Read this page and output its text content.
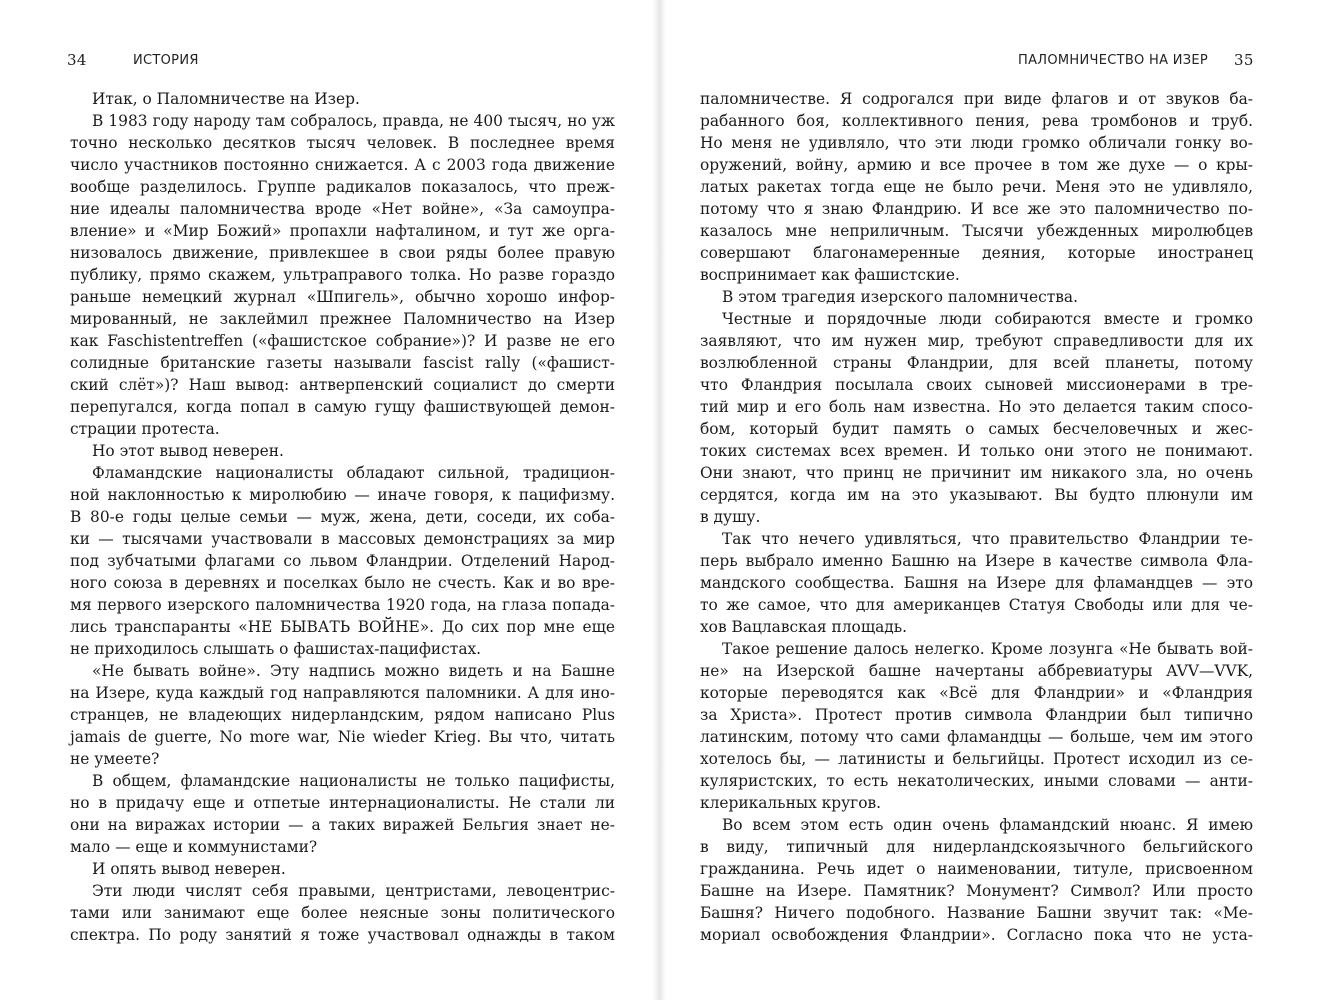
34	ИСТОРИЯ
Итак, о Паломничестве на Изер.
В 1983 году народу там собралось, правда, не 400 тысяч, но уж
точно несколько десятков тысяч человек. В последнее время
число участников постоянно снижается. А с 2003 года движение
вообще разделилось. Группе радикалов показалось, что преж-
ние идеалы паломничества вроде «Нет войне», «За самоупра-
вление» и «Мир Божий» пропахли нафталином, и тут же орга-
низовалось движение, привлекшее в свои ряды более правую
публику, прямо скажем, ультраправого толка. Но разве гораздо
раньше немецкий журнал «Шпигель», обычно хорошо инфор-
мированный, не заклеймил прежнее Паломничество на Изер
как Faschistentreffen («фашистское собрание»)? И разве не его
солидные британские газеты называли fascist rally («фашист-
ский слёт»)? Наш вывод: антверпенский социалист до смерти
перепугался, когда попал в самую гущу фашиствующей демон-
страции протеста.
Но этот вывод неверен.
Фламандские националисты обладают сильной, традицион-
ной наклонностью к миролюбию — иначе говоря, к пацифизму.
В 80-е годы целые семьи — муж, жена, дети, соседи, их соба-
ки — тысячами участвовали в массовых демонстрациях за мир
под зубчатыми флагами со львом Фландрии. Отделений Народ-
ного союза в деревнях и поселках было не счесть. Как и во вре-
мя первого изерского паломничества 1920 года, на глаза попада-
лись транспаранты «НЕ БЫВАТЬ ВОЙНЕ». До сих пор мне еще
не приходилось слышать о фашистах-пацифистах.
«Не бывать войне». Эту надпись можно видеть и на Башне
на Изере, куда каждый год направляются паломники. А для ино-
странцев, не владеющих нидерландским, рядом написано Plus
jamais de guerre, No more war, Nie wieder Krieg. Вы что, читать
не умеете?
В общем, фламандские националисты не только пацифисты,
но в придачу еще и отпетые интернационалисты. Не стали ли
они на виражах истории — а таких виражей Бельгия знает не-
мало — еще и коммунистами?
И опять вывод неверен.
Эти люди числят себя правыми, центристами, левоцентрис-
тами или занимают еще более неясные зоны политического
спектра. По роду занятий я тоже участвовал однажды в таком
ПАЛОМНИЧЕСТВО НА ИЗЕР 35
паломничестве. Я содрогался при виде флагов и от звуков ба-
рабанного боя, коллективного пения, рева тромбонов и труб.
Но меня не удивляло, что эти люди громко обличали гонку во-
оружений, войну, армию и все прочее в том же духе — о кры-
латых ракетах тогда еще не было речи. Меня это не удивляло,
потому что я знаю Фландрию. И все же это паломничество по-
казалось мне неприличным. Тысячи убежденных миролюбцев
совершают благонамеренные деяния, которые иностранец
воспринимает как фашистские.
В этом трагедия изерского паломничества.
Честные и порядочные люди собираются вместе и громко
заявляют, что им нужен мир, требуют справедливости для их
возлюбленной страны Фландрии, для всей планеты, потому
что Фландрия посылала своих сыновей миссионерами в тре-
тий мир и его боль нам известна. Но это делается таким спосо-
бом, который будит память о самых бесчеловечных и жес-
токих системах всех времен. И только они этого не понимают.
Они знают, что принц не причинит им никакого зла, но очень
сердятся, когда им на это указывают. Вы будто плюнули им
в душу.
Так что нечего удивляться, что правительство Фландрии те-
перь выбрало именно Башню на Изере в качестве символа Фла-
мандского сообщества. Башня на Изере для фламандцев — это
то же самое, что для американцев Статуя Свободы или для че-
хов Вацлавская площадь.
Такое решение далось нелегко. Кроме лозунга «Не бывать вой-
не» на Изерской башне начертаны аббревиатуры AVV—VVK,
которые переводятся как «Всё для Фландрии» и «Фландрия
за Христа». Протест против символа Фландрии был типично
латинским, потому что сами фламандцы — больше, чем им этого
хотелось бы, — латинисты и бельгийцы. Протест исходил из се-
куляристских, то есть некатолических, иными словами — анти-
клерикальных кругов.
Во всем этом есть один очень фламандский нюанс. Я имею
в виду, типичный для нидерландскоязычного бельгийского
гражданина. Речь идет о наименовании, титуле, присвоенном
Башне на Изере. Памятник? Монумент? Символ? Или просто
Башня? Ничего подобного. Название Башни звучит так: «Ме-
мориал освобождения Фландрии». Согласно пока что не уста-
